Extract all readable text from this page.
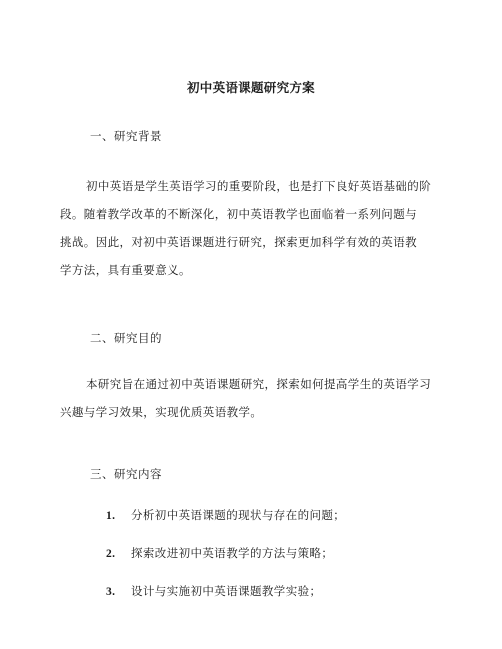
初中英语课题研究方案
一、研究背景
初中英语是学生英语学习的重要阶段，也是打下良好英语基础的阶
段。随着教学改革的不断深化，初中英语教学也面临着一系列问题与
挑战。因此，对初中英语课题进行研究，探索更加科学有效的英语教
学方法，具有重要意义。
二、研究目的
本研究旨在通过初中英语课题研究，探索如何提高学生的英语学习
兴趣与学习效果，实现优质英语教学。
三、研究内容
1. 分析初中英语课题的现状与存在的问题；
2. 探索改进初中英语教学的方法与策略；
3. 设计与实施初中英语课题教学实验；
